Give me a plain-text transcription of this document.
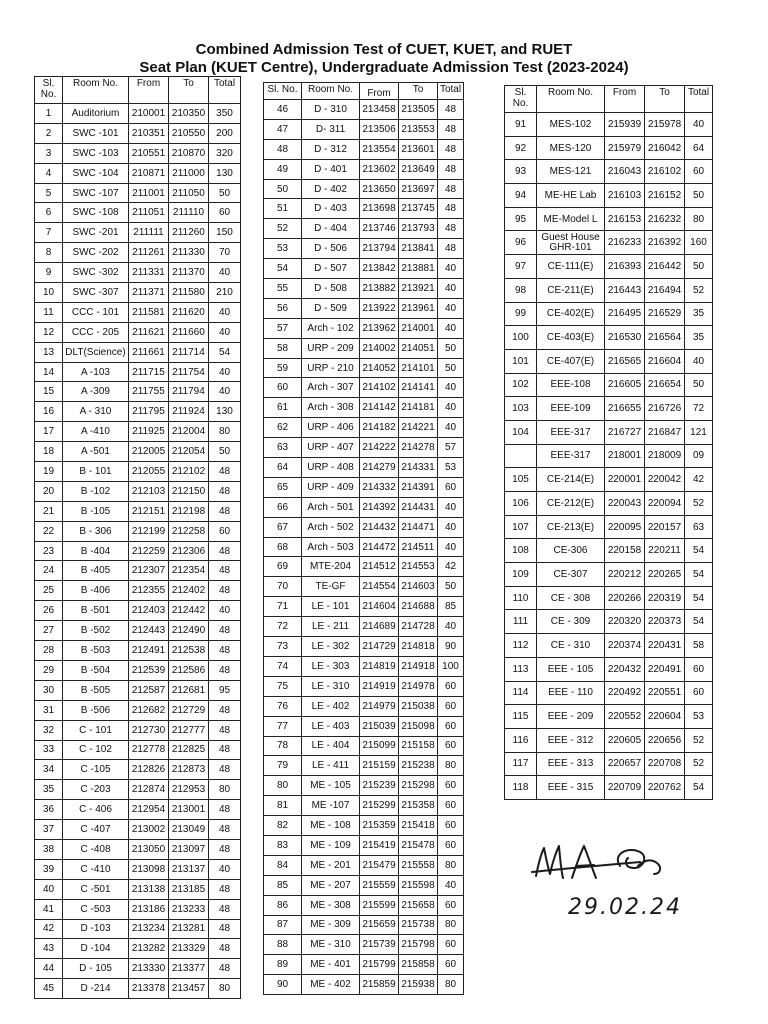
Combined Admission Test of CUET, KUET, and RUET
Seat Plan (KUET Centre), Undergraduate Admission Test (2023-2024)
Sl. No.	Room No.	From	To	Total
1	Auditorium	210001	210350	350
2	SWC -101	210351	210550	200
3	SWC -103	210551	210870	320
4	SWC -104	210871	211000	130
5	SWC -107	211001	211050	50
6	SWC -108	211051	211110	60
7	SWC -201	211111	211260	150
8	SWC -202	211261	211330	70
9	SWC -302	211331	211370	40
10	SWC -307	211371	211580	210
11	CCC - 101	211581	211620	40
12	CCC - 205	211621	211660	40
13	DLT(Science)	211661	211714	54
14	A -103	211715	211754	40
15	A -309	211755	211794	40
16	A - 310	211795	211924	130
17	A -410	211925	212004	80
18	A -501	212005	212054	50
19	B - 101	212055	212102	48
20	B -102	212103	212150	48
21	B -105	212151	212198	48
22	B - 306	212199	212258	60
23	B -404	212259	212306	48
24	B -405	212307	212354	48
25	B -406	212355	212402	48
26	B -501	212403	212442	40
27	B -502	212443	212490	48
28	B -503	212491	212538	48
29	B -504	212539	212586	48
30	B -505	212587	212681	95
31	B -506	212682	212729	48
32	C - 101	212730	212777	48
33	C - 102	212778	212825	48
34	C -105	212826	212873	48
35	C -203	212874	212953	80
36	C - 406	212954	213001	48
37	C -407	213002	213049	48
38	C -408	213050	213097	48
39	C -410	213098	213137	40
40	C -501	213138	213185	48
41	C -503	213186	213233	48
42	D -103	213234	213281	48
43	D -104	213282	213329	48
44	D - 105	213330	213377	48
45	D -214	213378	213457	80
Sl. No.	Room No.	From	To	Total
46	D - 310	213458	213505	48
47	D- 311	213506	213553	48
48	D - 312	213554	213601	48
49	D - 401	213602	213649	48
50	D - 402	213650	213697	48
51	D - 403	213698	213745	48
52	D - 404	213746	213793	48
53	D - 506	213794	213841	48
54	D - 507	213842	213881	40
55	D - 508	213882	213921	40
56	D - 509	213922	213961	40
57	Arch - 102	213962	214001	40
58	URP - 209	214002	214051	50
59	URP - 210	214052	214101	50
60	Arch - 307	214102	214141	40
61	Arch - 308	214142	214181	40
62	URP - 406	214182	214221	40
63	URP - 407	214222	214278	57
64	URP - 408	214279	214331	53
65	URP - 409	214332	214391	60
66	Arch - 501	214392	214431	40
67	Arch - 502	214432	214471	40
68	Arch - 503	214472	214511	40
69	MTE-204	214512	214553	42
70	TE-GF	214554	214603	50
71	LE - 101	214604	214688	85
72	LE - 211	214689	214728	40
73	LE - 302	214729	214818	90
74	LE - 303	214819	214918	100
75	LE - 310	214919	214978	60
76	LE - 402	214979	215038	60
77	LE - 403	215039	215098	60
78	LE - 404	215099	215158	60
79	LE - 411	215159	215238	80
80	ME - 105	215239	215298	60
81	ME -107	215299	215358	60
82	ME - 108	215359	215418	60
83	ME - 109	215419	215478	60
84	ME - 201	215479	215558	80
85	ME - 207	215559	215598	40
86	ME - 308	215599	215658	60
87	ME - 309	215659	215738	80
88	ME - 310	215739	215798	60
89	ME - 401	215799	215858	60
90	ME - 402	215859	215938	80
Sl. No.	Room No.	From	To	Total
91	MES-102	215939	215978	40
92	MES-120	215979	216042	64
93	MES-121	216043	216102	60
94	ME-HE Lab	216103	216152	50
95	ME-Model L	216153	216232	80
96	Guest House GHR-101	216233	216392	160
97	CE-111(E)	216393	216442	50
98	CE-211(E)	216443	216494	52
99	CE-402(E)	216495	216529	35
100	CE-403(E)	216530	216564	35
101	CE-407(E)	216565	216604	40
102	EEE-108	216605	216654	50
103	EEE-109	216655	216726	72
104	EEE-317	216727	216847	121
	EEE-317	218001	218009	09
105	CE-214(E)	220001	220042	42
106	CE-212(E)	220043	220094	52
107	CE-213(E)	220095	220157	63
108	CE-306	220158	220211	54
109	CE-307	220212	220265	54
110	CE - 308	220266	220319	54
111	CE - 309	220320	220373	54
112	CE - 310	220374	220431	58
113	EEE - 105	220432	220491	60
114	EEE - 110	220492	220551	60
115	EEE - 209	220552	220604	53
116	EEE - 312	220605	220656	52
117	EEE - 313	220657	220708	52
118	EEE - 315	220709	220762	54
29.02.24
